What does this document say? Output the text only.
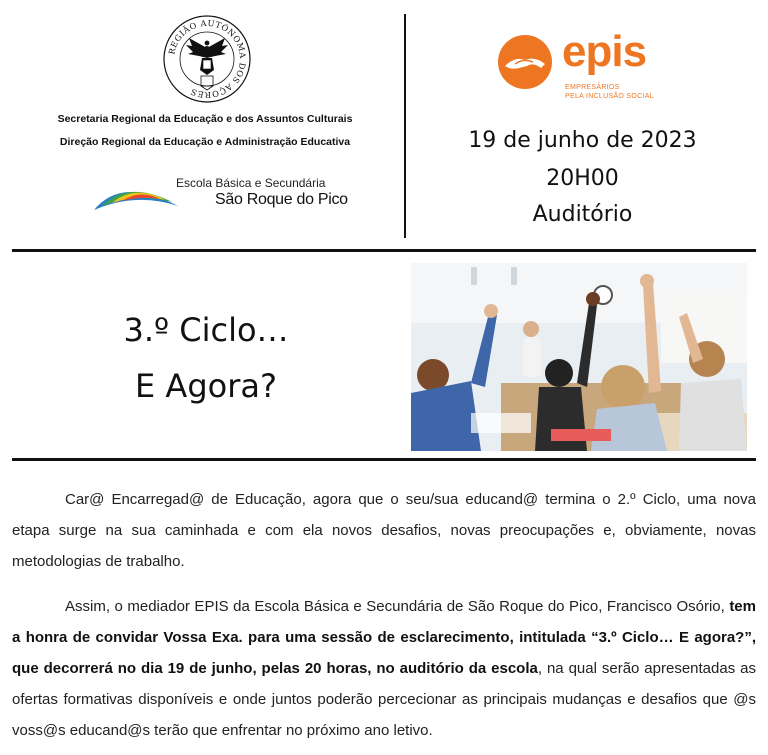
REGIÃO AUTÓNOMA DOS AÇORES
Secretaria Regional da Educação e dos Assuntos Culturais
Direção Regional da Educação e Administração Educativa
Escola Básica e Secundária
São Roque do Pico
epis
EMPRESÁRIOS
PELA INCLUSÃO SOCIAL
19 de junho de 2023
20H00
Auditório
3.º Ciclo…
E Agora?
Car@ Encarregad@ de Educação, agora que o seu/sua educand@ termina o 2.º Ciclo, uma nova etapa surge na sua caminhada e com ela novos desafios, novas preocupações e, obviamente, novas metodologias de trabalho.
Assim, o mediador EPIS da Escola Básica e Secundária de São Roque do Pico, Francisco Osório, tem a honra de convidar Vossa Exa. para uma sessão de esclarecimento, intitulada “3.º Ciclo… E agora?”, que decorrerá no dia 19 de junho, pelas 20 horas, no auditório da escola, na qual serão apresentadas as ofertas formativas disponíveis e onde juntos poderão percecionar as principais mudanças e desafios que @s voss@s educand@s terão que enfrentar no próximo ano letivo.
